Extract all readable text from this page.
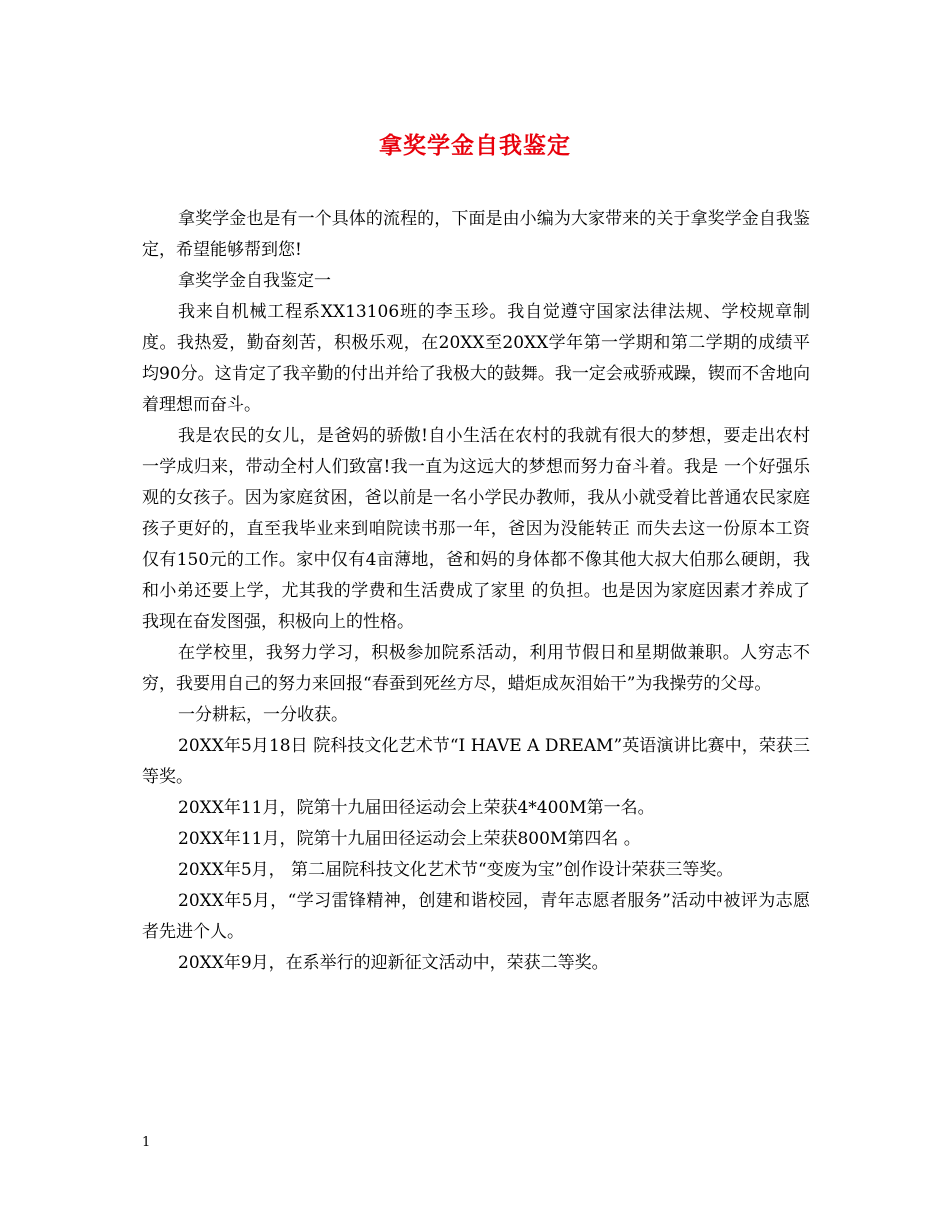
拿奖学金自我鉴定

拿奖学金也是有一个具体的流程的，下面是由小编为大家带来的关于拿奖学金自我鉴定，希望能够帮到您!

拿奖学金自我鉴定一

我来自机械工程系XX13106班的李玉珍。我自觉遵守国家法律法规、学校规章制度。我热爱，勤奋刻苦，积极乐观，在20XX至20XX学年第一学期和第二学期的成绩平均90分。这肯定了我辛勤的付出并给了我极大的鼓舞。我一定会戒骄戒躁，锲而不舍地向着理想而奋斗。

我是农民的女儿，是爸妈的骄傲!自小生活在农村的我就有很大的梦想，要走出农村一学成归来，带动全村人们致富!我一直为这远大的梦想而努力奋斗着。我是 一个好强乐观的女孩子。因为家庭贫困，爸以前是一名小学民办教师，我从小就受着比普通农民家庭孩子更好的，直至我毕业来到咱院读书那一年，爸因为没能转正 而失去这一份原本工资仅有150元的工作。家中仅有4亩薄地，爸和妈的身体都不像其他大叔大伯那么硬朗，我和小弟还要上学，尤其我的学费和生活费成了家里 的负担。也是因为家庭因素才养成了我现在奋发图强，积极向上的性格。

在学校里，我努力学习，积极参加院系活动，利用节假日和星期做兼职。人穷志不穷，我要用自己的努力来回报“春蚕到死丝方尽，蜡炬成灰泪始干”为我操劳的父母。

一分耕耘，一分收获。

20XX年5月18日 院科技文化艺术节“I HAVE A DREAM”英语演讲比赛中，荣获三等奖。

20XX年11月，院第十九届田径运动会上荣获4*400M第一名。

20XX年11月，院第十九届田径运动会上荣获800M第四名 。

20XX年5月， 第二届院科技文化艺术节“变废为宝”创作设计荣获三等奖。

20XX年5月，“学习雷锋精神，创建和谐校园，青年志愿者服务”活动中被评为志愿者先进个人。

20XX年9月，在系举行的迎新征文活动中，荣获二等奖。

1
